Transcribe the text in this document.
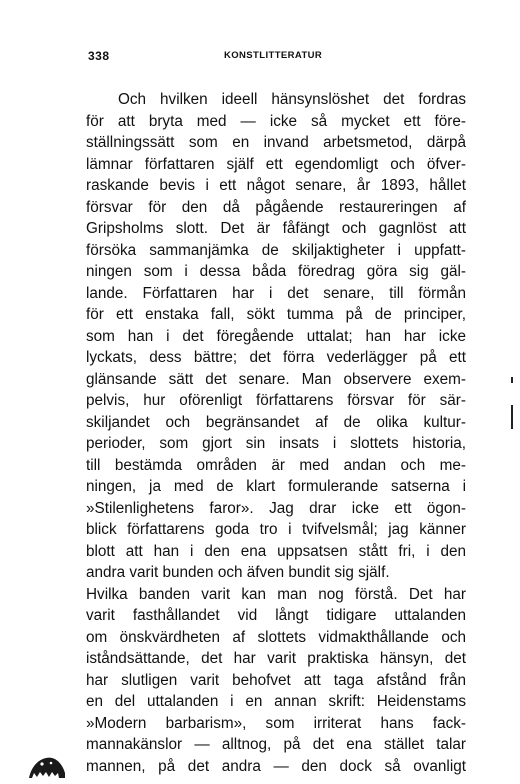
338	KONSTLITTERATUR
Och hvilken ideell hänsynslöshet det fordras
för att bryta med — icke så mycket ett före-
ställningssätt som en invand arbetsmetod, därpå
lämnar författaren själf ett egendomligt och öfver-
raskande bevis i ett något senare, år 1893, hållet
försvar för den då pågående restaureringen af
Gripsholms slott. Det är fåfängt och gagnlöst att
försöka sammanjämka de skiljaktigheter i uppfatt-
ningen som i dessa båda föredrag göra sig gäl-
lande. Författaren har i det senare, till förmån
för ett enstaka fall, sökt tumma på de principer,
som han i det föregående uttalat; han har icke
lyckats, dess bättre; det förra vederlägger på ett
glänsande sätt det senare. Man observere exem-
pelvis, hur oförenligt författarens försvar för sär-
skiljandet och begränsandet af de olika kultur-
perioder, som gjort sin insats i slottets historia,
till bestämda områden är med andan och me-
ningen, ja med de klart formulerande satserna i
»Stilenlighetens faror». Jag drar icke ett ögon-
blick författarens goda tro i tvifvelsmål; jag känner
blott att han i den ena uppsatsen stått fri, i den
andra varit bunden och äfven bundit sig själf.
Hvilka banden varit kan man nog förstå. Det har
varit fasthållandet vid långt tidigare uttalanden
om önskvärdheten af slottets vidmakthållande och
iståndsättande, det har varit praktiska hänsyn, det
har slutligen varit behofvet att taga afstånd från
en del uttalanden i en annan skrift: Heidenstams
»Modern barbarism», som irriterat hans fack-
mannakänslor — alltnog, på det ena stället talar
mannen, på det andra — den dock så ovanligt
